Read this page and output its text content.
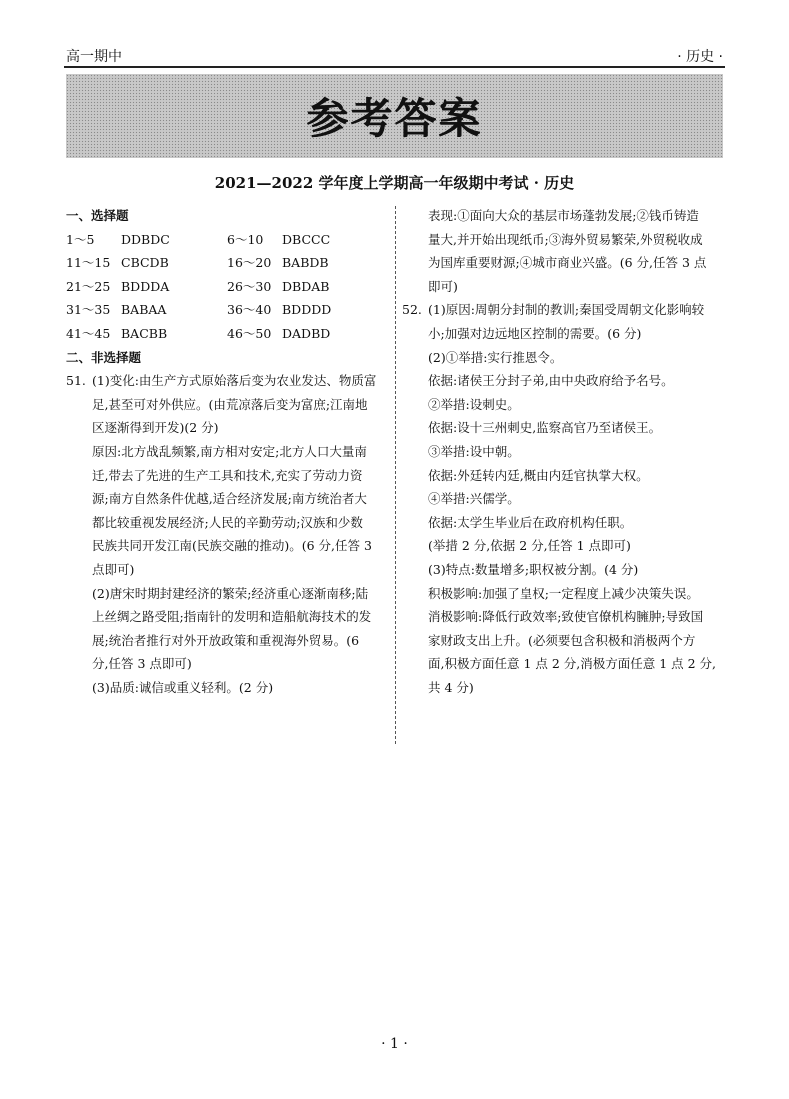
高一期中	· 历史 ·
参考答案
2021—2022 学年度上学期高一年级期中考试 · 历史
一、选择题
1～5	DDBDC	6～10	DBCCC
11～15 CBCDB	16～20 BABDB
21～25 BDDDA	26～30 DBDAB
31～35 BABAA	36～40 BDDDD
41～45 BACBB	46～50 DADBD
二、非选择题
51. (1)变化:由生产方式原始落后变为农业发达、物质富
足,甚至可对外供应。(由荒凉落后变为富庶;江南地
区逐渐得到开发)(2 分)
原因:北方战乱频繁,南方相对安定;北方人口大量南
迁,带去了先进的生产工具和技术,充实了劳动力资
源;南方自然条件优越,适合经济发展;南方统治者大
都比较重视发展经济;人民的辛勤劳动;汉族和少数
民族共同开发江南(民族交融的推动)。(6 分,任答 3
点即可)
(2)唐宋时期封建经济的繁荣;经济重心逐渐南移;陆
上丝绸之路受阻;指南针的发明和造船航海技术的发
展;统治者推行对外开放政策和重视海外贸易。(6
分,任答 3 点即可)
(3)品质:诚信或重义轻利。(2 分)
表现:①面向大众的基层市场蓬勃发展;②钱币铸造
量大,并开始出现纸币;③海外贸易繁荣,外贸税收成
为国库重要财源;④城市商业兴盛。(6 分,任答 3 点
即可)
52. (1)原因:周朝分封制的教训;秦国受周朝文化影响较
小;加强对边远地区控制的需要。(6 分)
(2)①举措:实行推恩令。
依据:诸侯王分封子弟,由中央政府给予名号。
②举措:设刺史。
依据:设十三州刺史,监察高官乃至诸侯王。
③举措:设中朝。
依据:外廷转内廷,概由内廷官执掌大权。
④举措:兴儒学。
依据:太学生毕业后在政府机构任职。
(举措 2 分,依据 2 分,任答 1 点即可)
(3)特点:数量增多;职权被分割。(4 分)
积极影响:加强了皇权;一定程度上减少决策失误。
消极影响:降低行政效率;致使官僚机构臃肿;导致国
家财政支出上升。(必须要包含积极和消极两个方
面,积极方面任意 1 点 2 分,消极方面任意 1 点 2 分,
共 4 分)
· 1 ·
